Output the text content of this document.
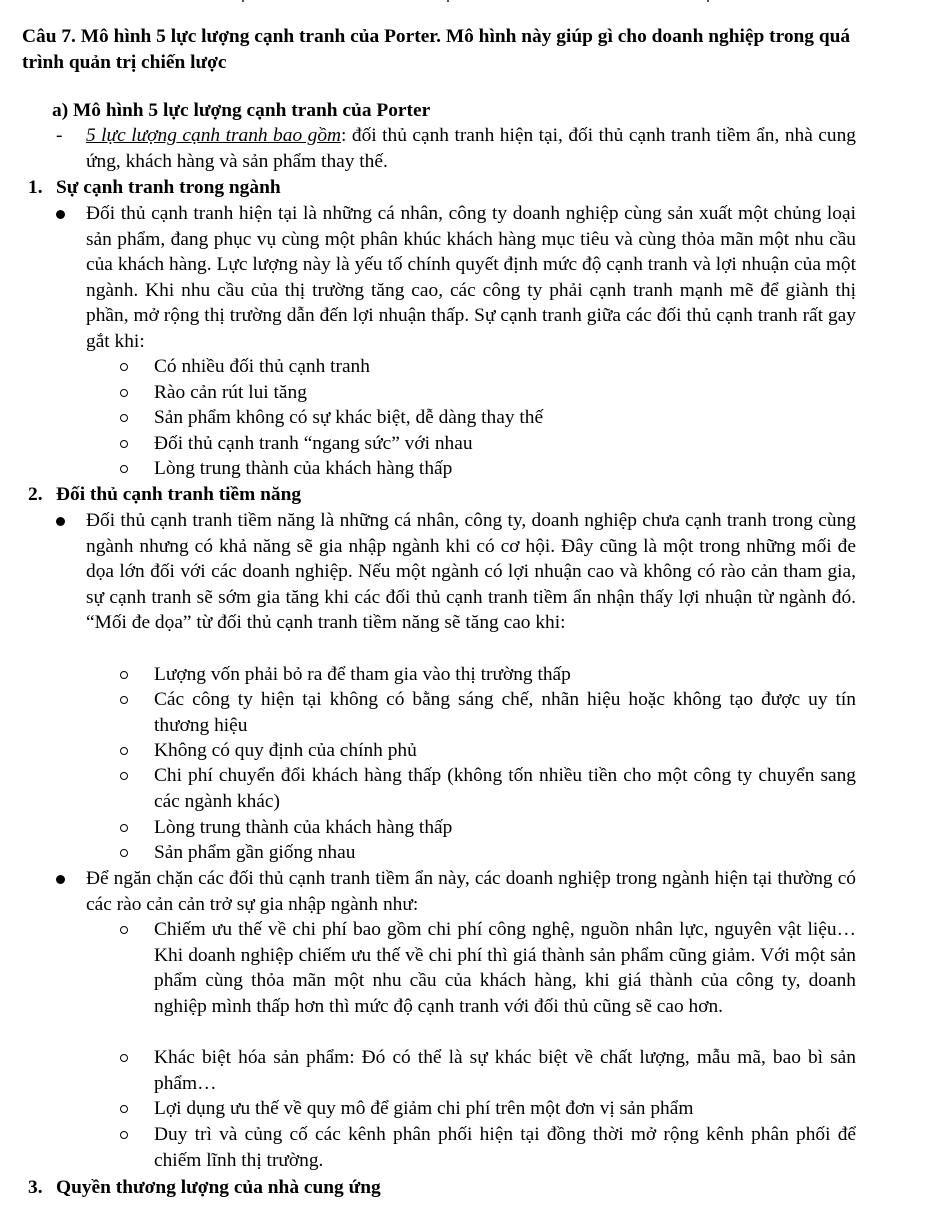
Câu 7. Mô hình 5 lực lượng cạnh tranh của Porter. Mô hình này giúp gì cho doanh nghiệp trong quá trình quản trị chiến lược
a) Mô hình 5 lực lượng cạnh tranh của Porter
- 5 lực lượng cạnh tranh bao gồm: đối thủ cạnh tranh hiện tại, đối thủ cạnh tranh tiềm ẩn, nhà cung ứng, khách hàng và sản phẩm thay thế.
1. Sự cạnh tranh trong ngành
Đối thủ cạnh tranh hiện tại là những cá nhân, công ty doanh nghiệp cùng sản xuất một chủng loại sản phẩm, đang phục vụ cùng một phân khúc khách hàng mục tiêu và cùng thỏa mãn một nhu cầu của khách hàng. Lực lượng này là yếu tố chính quyết định mức độ cạnh tranh và lợi nhuận của một ngành. Khi nhu cầu của thị trường tăng cao, các công ty phải cạnh tranh mạnh mẽ để giành thị phần, mở rộng thị trường dẫn đến lợi nhuận thấp. Sự cạnh tranh giữa các đối thủ cạnh tranh rất gay gắt khi:
Có nhiều đối thủ cạnh tranh
Rào cản rút lui tăng
Sản phẩm không có sự khác biệt, dễ dàng thay thế
Đối thủ cạnh tranh “ngang sức” với nhau
Lòng trung thành của khách hàng thấp
2. Đối thủ cạnh tranh tiềm năng
Đối thủ cạnh tranh tiềm năng là những cá nhân, công ty, doanh nghiệp chưa cạnh tranh trong cùng ngành nhưng có khả năng sẽ gia nhập ngành khi có cơ hội. Đây cũng là một trong những mối đe dọa lớn đối với các doanh nghiệp. Nếu một ngành có lợi nhuận cao và không có rào cản tham gia, sự cạnh tranh sẽ sớm gia tăng khi các đối thủ cạnh tranh tiềm ẩn nhận thấy lợi nhuận từ ngành đó. “Mối đe dọa” từ đối thủ cạnh tranh tiềm năng sẽ tăng cao khi:
Lượng vốn phải bỏ ra để tham gia vào thị trường thấp
Các công ty hiện tại không có bằng sáng chế, nhãn hiệu hoặc không tạo được uy tín thương hiệu
Không có quy định của chính phủ
Chi phí chuyển đổi khách hàng thấp (không tốn nhiều tiền cho một công ty chuyển sang các ngành khác)
Lòng trung thành của khách hàng thấp
Sản phẩm gần giống nhau
Để ngăn chặn các đối thủ cạnh tranh tiềm ẩn này, các doanh nghiệp trong ngành hiện tại thường có các rào cản cản trở sự gia nhập ngành như:
Chiếm ưu thế về chi phí bao gồm chi phí công nghệ, nguồn nhân lực, nguyên vật liệu…Khi doanh nghiệp chiếm ưu thế về chi phí thì giá thành sản phẩm cũng giảm. Với một sản phẩm cùng thỏa mãn một nhu cầu của khách hàng, khi giá thành của công ty, doanh nghiệp mình thấp hơn thì mức độ cạnh tranh với đối thủ cũng sẽ cao hơn.
Khác biệt hóa sản phẩm: Đó có thể là sự khác biệt về chất lượng, mẫu mã, bao bì sản phẩm…
Lợi dụng ưu thế về quy mô để giảm chi phí trên một đơn vị sản phẩm
Duy trì và củng cố các kênh phân phối hiện tại đồng thời mở rộng kênh phân phối để chiếm lĩnh thị trường.
3. Quyền thương lượng của nhà cung ứng
